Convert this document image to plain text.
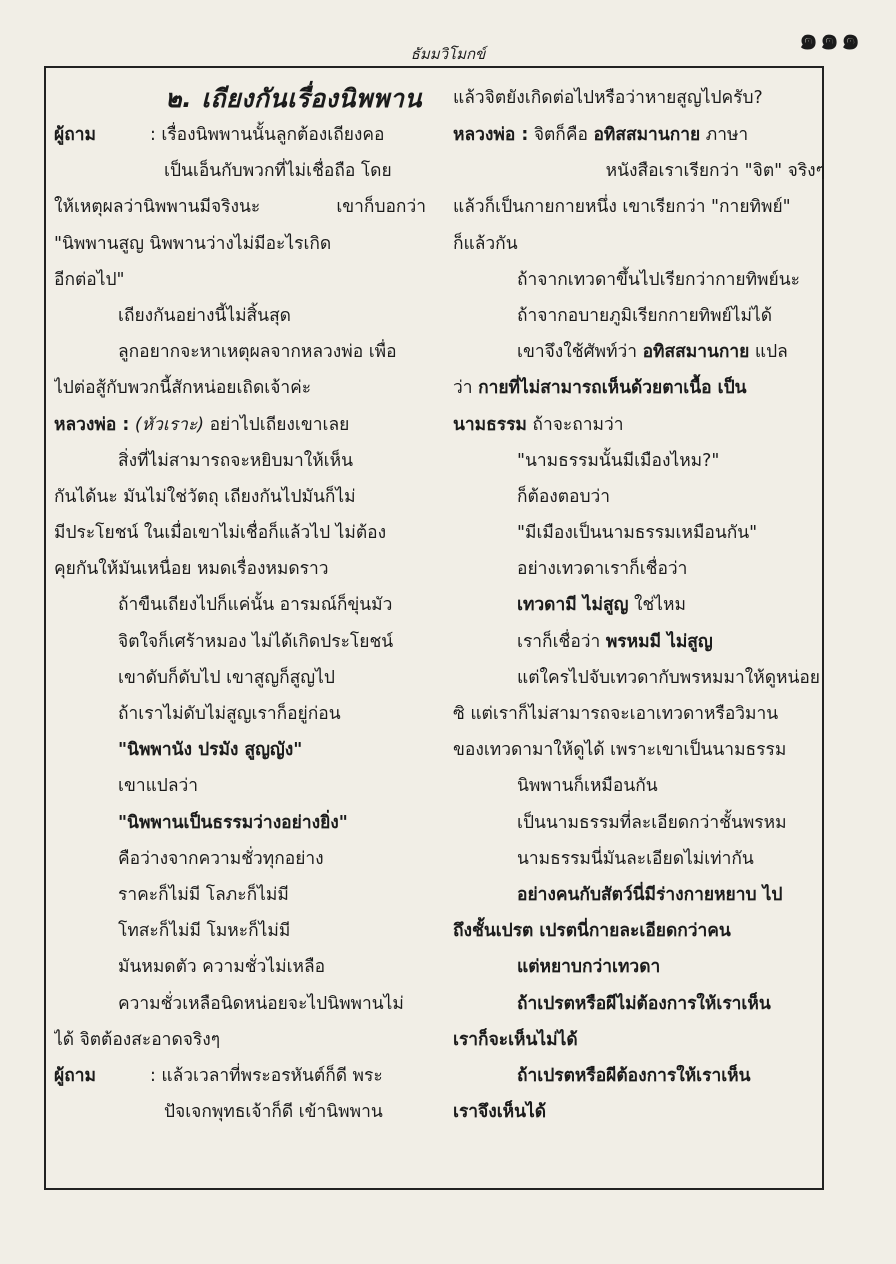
๑๑๑
ธัมมวิโมกข์
๒. เถียงกันเรื่องนิพพาน
ผู้ถาม	: เรื่องนิพพานนั้นลูกต้องเถียงคอ
เป็นเอ็นกับพวกที่ไม่เชื่อถือ โดย
ให้เหตุผลว่านิพพานมีจริงนะ เขาก็บอกว่า
"นิพพานสูญ นิพพานว่างไม่มีอะไรเกิด
อีกต่อไป"
เถียงกันอย่างนี้ไม่สิ้นสุด
ลูกอยากจะหาเหตุผลจากหลวงพ่อ เพื่อ
ไปต่อสู้กับพวกนี้สักหน่อยเถิดเจ้าค่ะ
หลวงพ่อ : (หัวเราะ) อย่าไปเถียงเขาเลย
สิ่งที่ไม่สามารถจะหยิบมาให้เห็น
กันได้นะ มันไม่ใช่วัตถุ เถียงกันไปมันก็ไม่
มีประโยชน์ ในเมื่อเขาไม่เชื่อก็แล้วไป ไม่ต้อง
คุยกันให้มันเหนื่อย หมดเรื่องหมดราว
ถ้าขืนเถียงไปก็แค่นั้น อารมณ์ก็ขุ่นมัว
จิตใจก็เศร้าหมอง ไม่ได้เกิดประโยชน์
เขาดับก็ดับไป เขาสูญก็สูญไป
ถ้าเราไม่ดับไม่สูญเราก็อยู่ก่อน
"นิพพานัง ปรมัง สูญญัง"
เขาแปลว่า
"นิพพานเป็นธรรมว่างอย่างยิ่ง"
คือว่างจากความชั่วทุกอย่าง
ราคะก็ไม่มี โลภะก็ไม่มี
โทสะก็ไม่มี โมหะก็ไม่มี
มันหมดตัว ความชั่วไม่เหลือ
ความชั่วเหลือนิดหน่อยจะไปนิพพานไม่
ได้ จิตต้องสะอาดจริงๆ
ผู้ถาม	: แล้วเวลาที่พระอรหันต์ก็ดี พระ
ปัจเจกพุทธเจ้าก็ดี เข้านิพพาน
แล้วจิตยังเกิดต่อไปหรือว่าหายสูญไปครับ?
หลวงพ่อ : จิตก็คือ อทิสสมานกาย ภาษา
หนังสือเราเรียกว่า "จิต" จริงๆ
แล้วก็เป็นกายกายหนึ่ง เขาเรียกว่า "กายทิพย์"
ก็แล้วกัน
ถ้าจากเทวดาขึ้นไปเรียกว่ากายทิพย์นะ
ถ้าจากอบายภูมิเรียกกายทิพย์ไม่ได้
เขาจึงใช้ศัพท์ว่า อทิสสมานกาย แปล
ว่า กายที่ไม่สามารถเห็นด้วยตาเนื้อ เป็น
นามธรรม ถ้าจะถามว่า
"นามธรรมนั้นมีเมืองไหม?"
ก็ต้องตอบว่า
"มีเมืองเป็นนามธรรมเหมือนกัน"
อย่างเทวดาเราก็เชื่อว่า
เทวดามี ไม่สูญ ใช่ไหม
เราก็เชื่อว่า พรหมมี ไม่สูญ
แต่ใครไปจับเทวดากับพรหมมาให้ดูหน่อย
ซิ แต่เราก็ไม่สามารถจะเอาเทวดาหรือวิมาน
ของเทวดามาให้ดูได้ เพราะเขาเป็นนามธรรม
นิพพานก็เหมือนกัน
เป็นนามธรรมที่ละเอียดกว่าชั้นพรหม
นามธรรมนี่มันละเอียดไม่เท่ากัน
อย่างคนกับสัตว์นี่มีร่างกายหยาบ ไป
ถึงชั้นเปรต เปรตนี่กายละเอียดกว่าคน
แต่หยาบกว่าเทวดา
ถ้าเปรตหรือผีไม่ต้องการให้เราเห็น
เราก็จะเห็นไม่ได้
ถ้าเปรตหรือผีต้องการให้เราเห็น
เราจึงเห็นได้
